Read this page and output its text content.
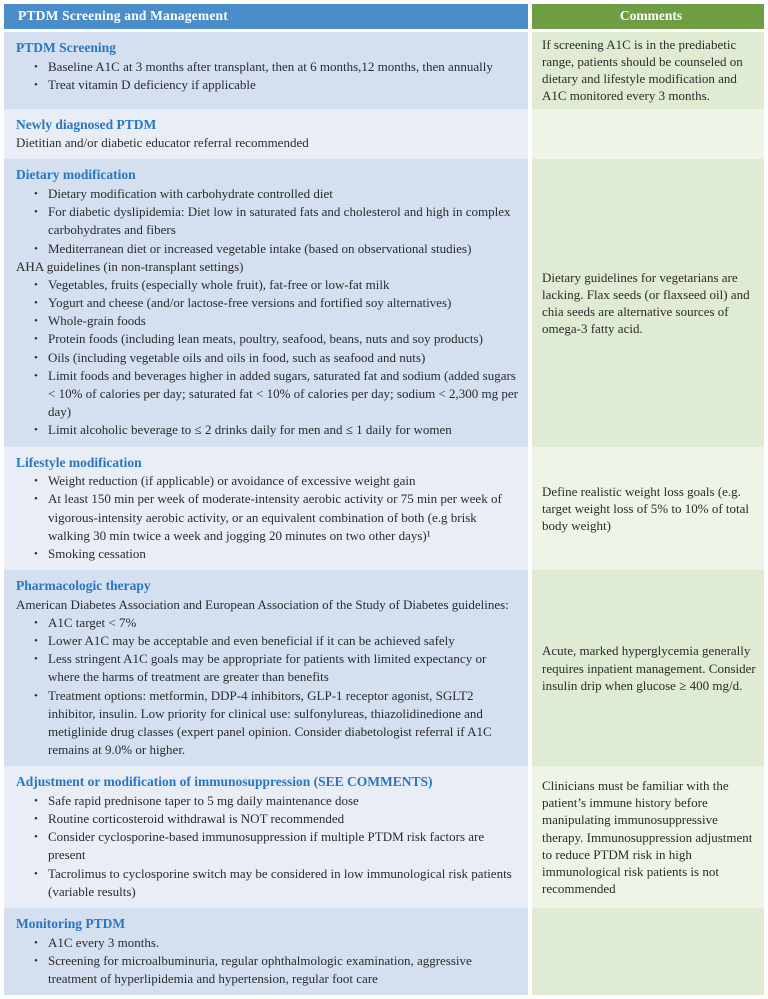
PTDM Screening and Management	Comments
PTDM Screening
• Baseline A1C at 3 months after transplant, then at 6 months,12 months, then annually
• Treat vitamin D deficiency if applicable
If screening A1C is in the prediabetic range, patients should be counseled on dietary and lifestyle modification and A1C monitored every 3 months.
Newly diagnosed PTDM
Dietitian and/or diabetic educator referral recommended
Dietary modification
• Dietary modification with carbohydrate controlled diet
• For diabetic dyslipidemia: Diet low in saturated fats and cholesterol and high in complex carbohydrates and fibers
• Mediterranean diet or increased vegetable intake (based on observational studies)
AHA guidelines (in non-transplant settings)
• Vegetables, fruits (especially whole fruit), fat-free or low-fat milk
• Yogurt and cheese (and/or lactose-free versions and fortified soy alternatives)
• Whole-grain foods
• Protein foods (including lean meats, poultry, seafood, beans, nuts and soy products)
• Oils (including vegetable oils and oils in food, such as seafood and nuts)
• Limit foods and beverages higher in added sugars, saturated fat and sodium (added sugars < 10% of calories per day; saturated fat < 10% of calories per day; sodium < 2,300 mg per day)
• Limit alcoholic beverage to ≤ 2 drinks daily for men and ≤ 1 daily for women
Dietary guidelines for vegetarians are lacking. Flax seeds (or flaxseed oil) and chia seeds are alternative sources of omega-3 fatty acid.
Lifestyle modification
• Weight reduction (if applicable) or avoidance of excessive weight gain
• At least 150 min per week of moderate-intensity aerobic activity or 75 min per week of vigorous-intensity aerobic activity, or an equivalent combination of both (e.g brisk walking 30 min twice a week and jogging 20 minutes on two other days)¹
• Smoking cessation
Define realistic weight loss goals (e.g. target weight loss of 5% to 10% of total body weight)
Pharmacologic therapy
American Diabetes Association and European Association of the Study of Diabetes guidelines:
• A1C target < 7%
• Lower A1C may be acceptable and even beneficial if it can be achieved safely
• Less stringent A1C goals may be appropriate for patients with limited expectancy or where the harms of treatment are greater than benefits
• Treatment options: metformin, DDP-4 inhibitors, GLP-1 receptor agonist, SGLT2 inhibitor, insulin. Low priority for clinical use: sulfonylureas, thiazolidinedione and metiglinide drug classes (expert panel opinion. Consider diabetologist referral if A1C remains at 9.0% or higher.
Acute, marked hyperglycemia generally requires inpatient management. Consider insulin drip when glucose ≥ 400 mg/d.
Adjustment or modification of immunosuppression (SEE COMMENTS)
• Safe rapid prednisone taper to 5 mg daily maintenance dose
• Routine corticosteroid withdrawal is NOT recommended
• Consider cyclosporine-based immunosuppression if multiple PTDM risk factors are present
• Tacrolimus to cyclosporine switch may be considered in low immunological risk patients (variable results)
Clinicians must be familiar with the patient’s immune history before manipulating immunosuppressive therapy. Immunosuppression adjustment to reduce PTDM risk in high immunological risk patients is not recommended
Monitoring PTDM
• A1C every 3 months.
• Screening for microalbuminuria, regular ophthalmologic examination, aggressive treatment of hyperlipidemia and hypertension, regular foot care
